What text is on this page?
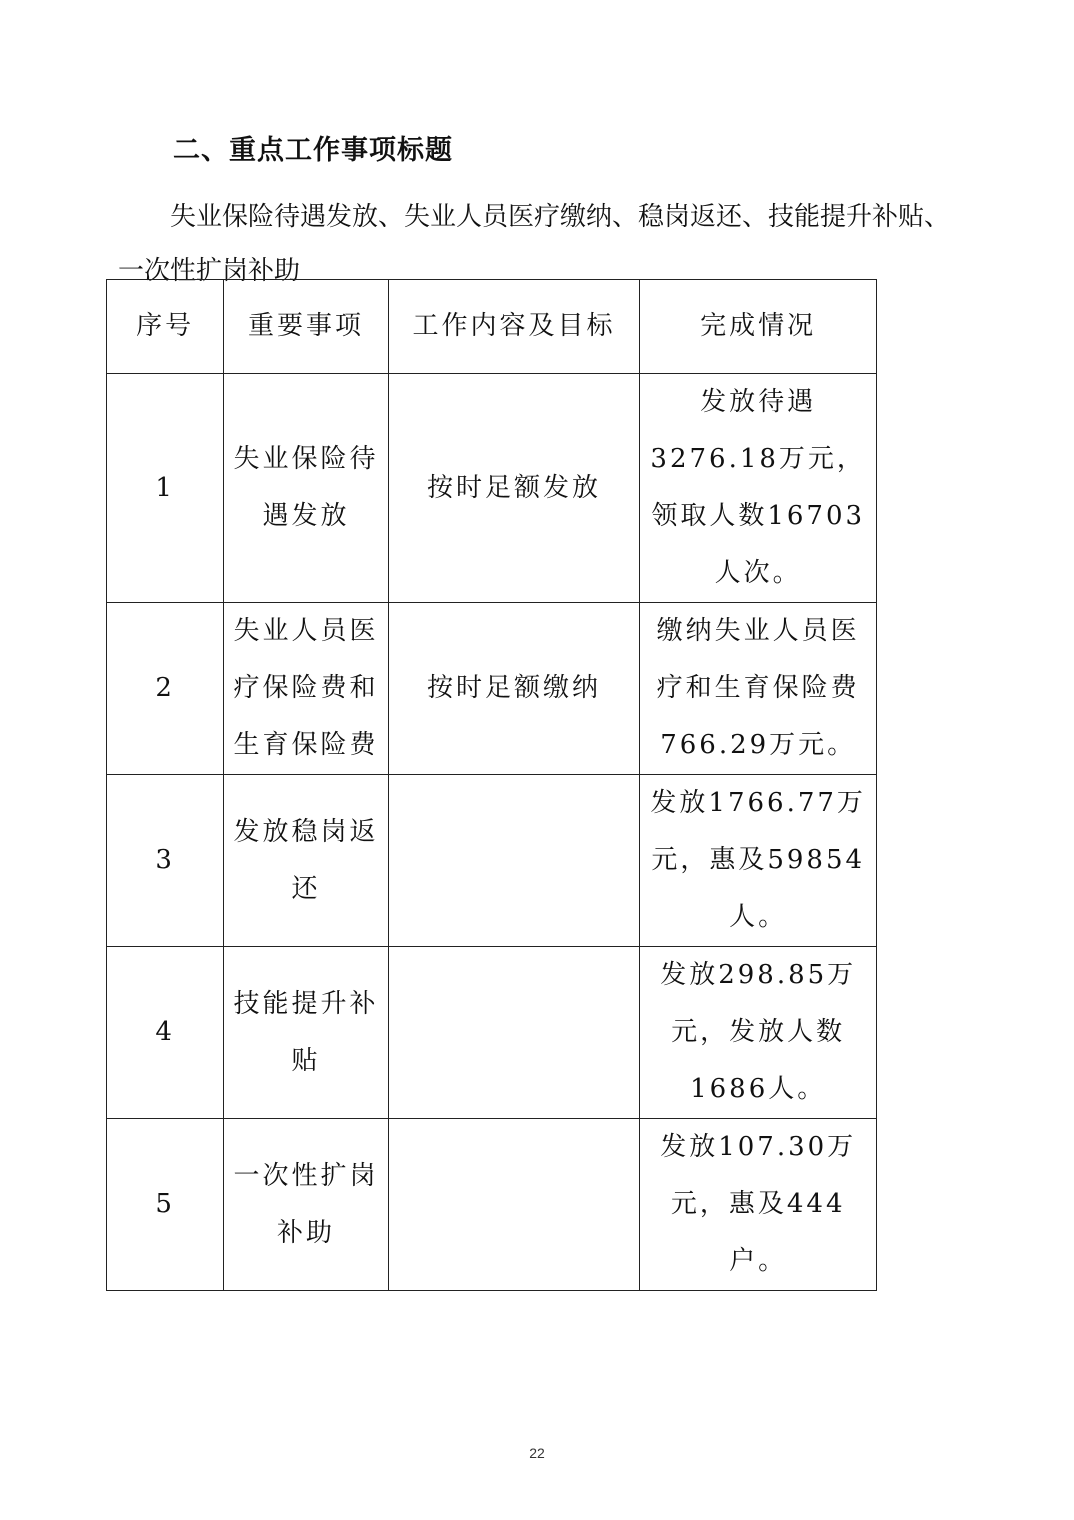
二、重点工作事项标题

失业保险待遇发放、失业人员医疗缴纳、稳岗返还、技能提升补贴、一次性扩岗补助

序号	重要事项	工作内容及目标	完成情况
1	失业保险待遇发放	按时足额发放	发放待遇3276.18万元，领取人数16703人次。
2	失业人员医疗保险费和生育保险费	按时足额缴纳	缴纳失业人员医疗和生育保险费766.29万元。
3	发放稳岗返还		发放1766.77万元，惠及59854人。
4	技能提升补贴		发放298.85万元，发放人数1686人。
5	一次性扩岗补助		发放107.30万元，惠及444户。
22
